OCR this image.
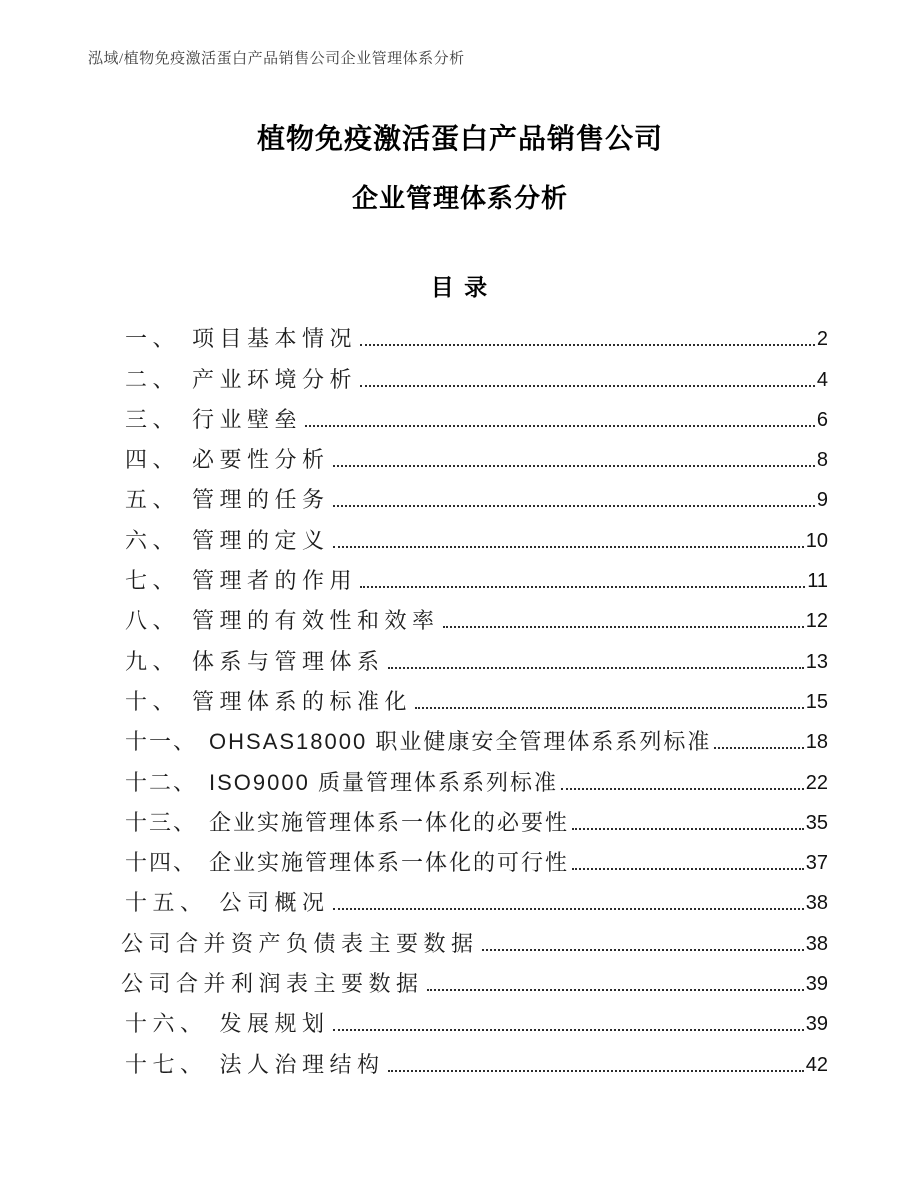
泓域/植物免疫激活蛋白产品销售公司企业管理体系分析
植物免疫激活蛋白产品销售公司
企业管理体系分析
目 录
一、 项目基本情况	2
二、 产业环境分析	4
三、 行业壁垒	6
四、 必要性分析	8
五、 管理的任务	9
六、 管理的定义	10
七、 管理者的作用	11
八、 管理的有效性和效率	12
九、 体系与管理体系	13
十、 管理体系的标准化	15
十一、 OHSAS18000 职业健康安全管理体系系列标准	18
十二、 ISO9000 质量管理体系系列标准	22
十三、 企业实施管理体系一体化的必要性	35
十四、 企业实施管理体系一体化的可行性	37
十五、 公司概况	38
公司合并资产负债表主要数据	38
公司合并利润表主要数据	39
十六、 发展规划	39
十七、 法人治理结构	42
